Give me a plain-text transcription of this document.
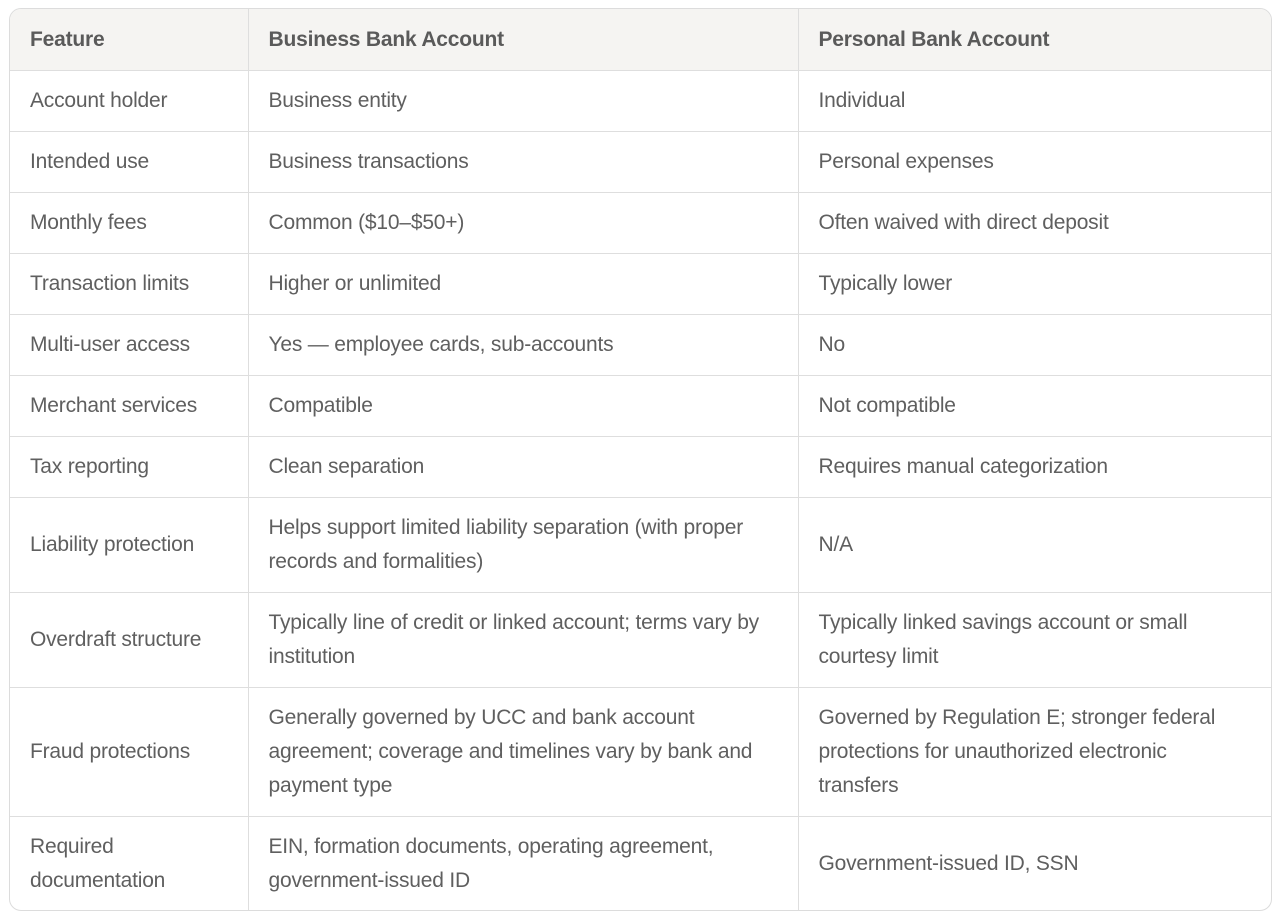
Feature	Business Bank Account	Personal Bank Account
Account holder	Business entity	Individual
Intended use	Business transactions	Personal expenses
Monthly fees	Common ($10–$50+)	Often waived with direct deposit
Transaction limits	Higher or unlimited	Typically lower
Multi-user access	Yes — employee cards, sub-accounts	No
Merchant services	Compatible	Not compatible
Tax reporting	Clean separation	Requires manual categorization
Liability protection	Helps support limited liability separation (with proper records and formalities)	N/A
Overdraft structure	Typically line of credit or linked account; terms vary by institution	Typically linked savings account or small courtesy limit
Fraud protections	Generally governed by UCC and bank account agreement; coverage and timelines vary by bank and payment type	Governed by Regulation E; stronger federal protections for unauthorized electronic transfers
Required documentation	EIN, formation documents, operating agreement, government-issued ID	Government-issued ID, SSN
